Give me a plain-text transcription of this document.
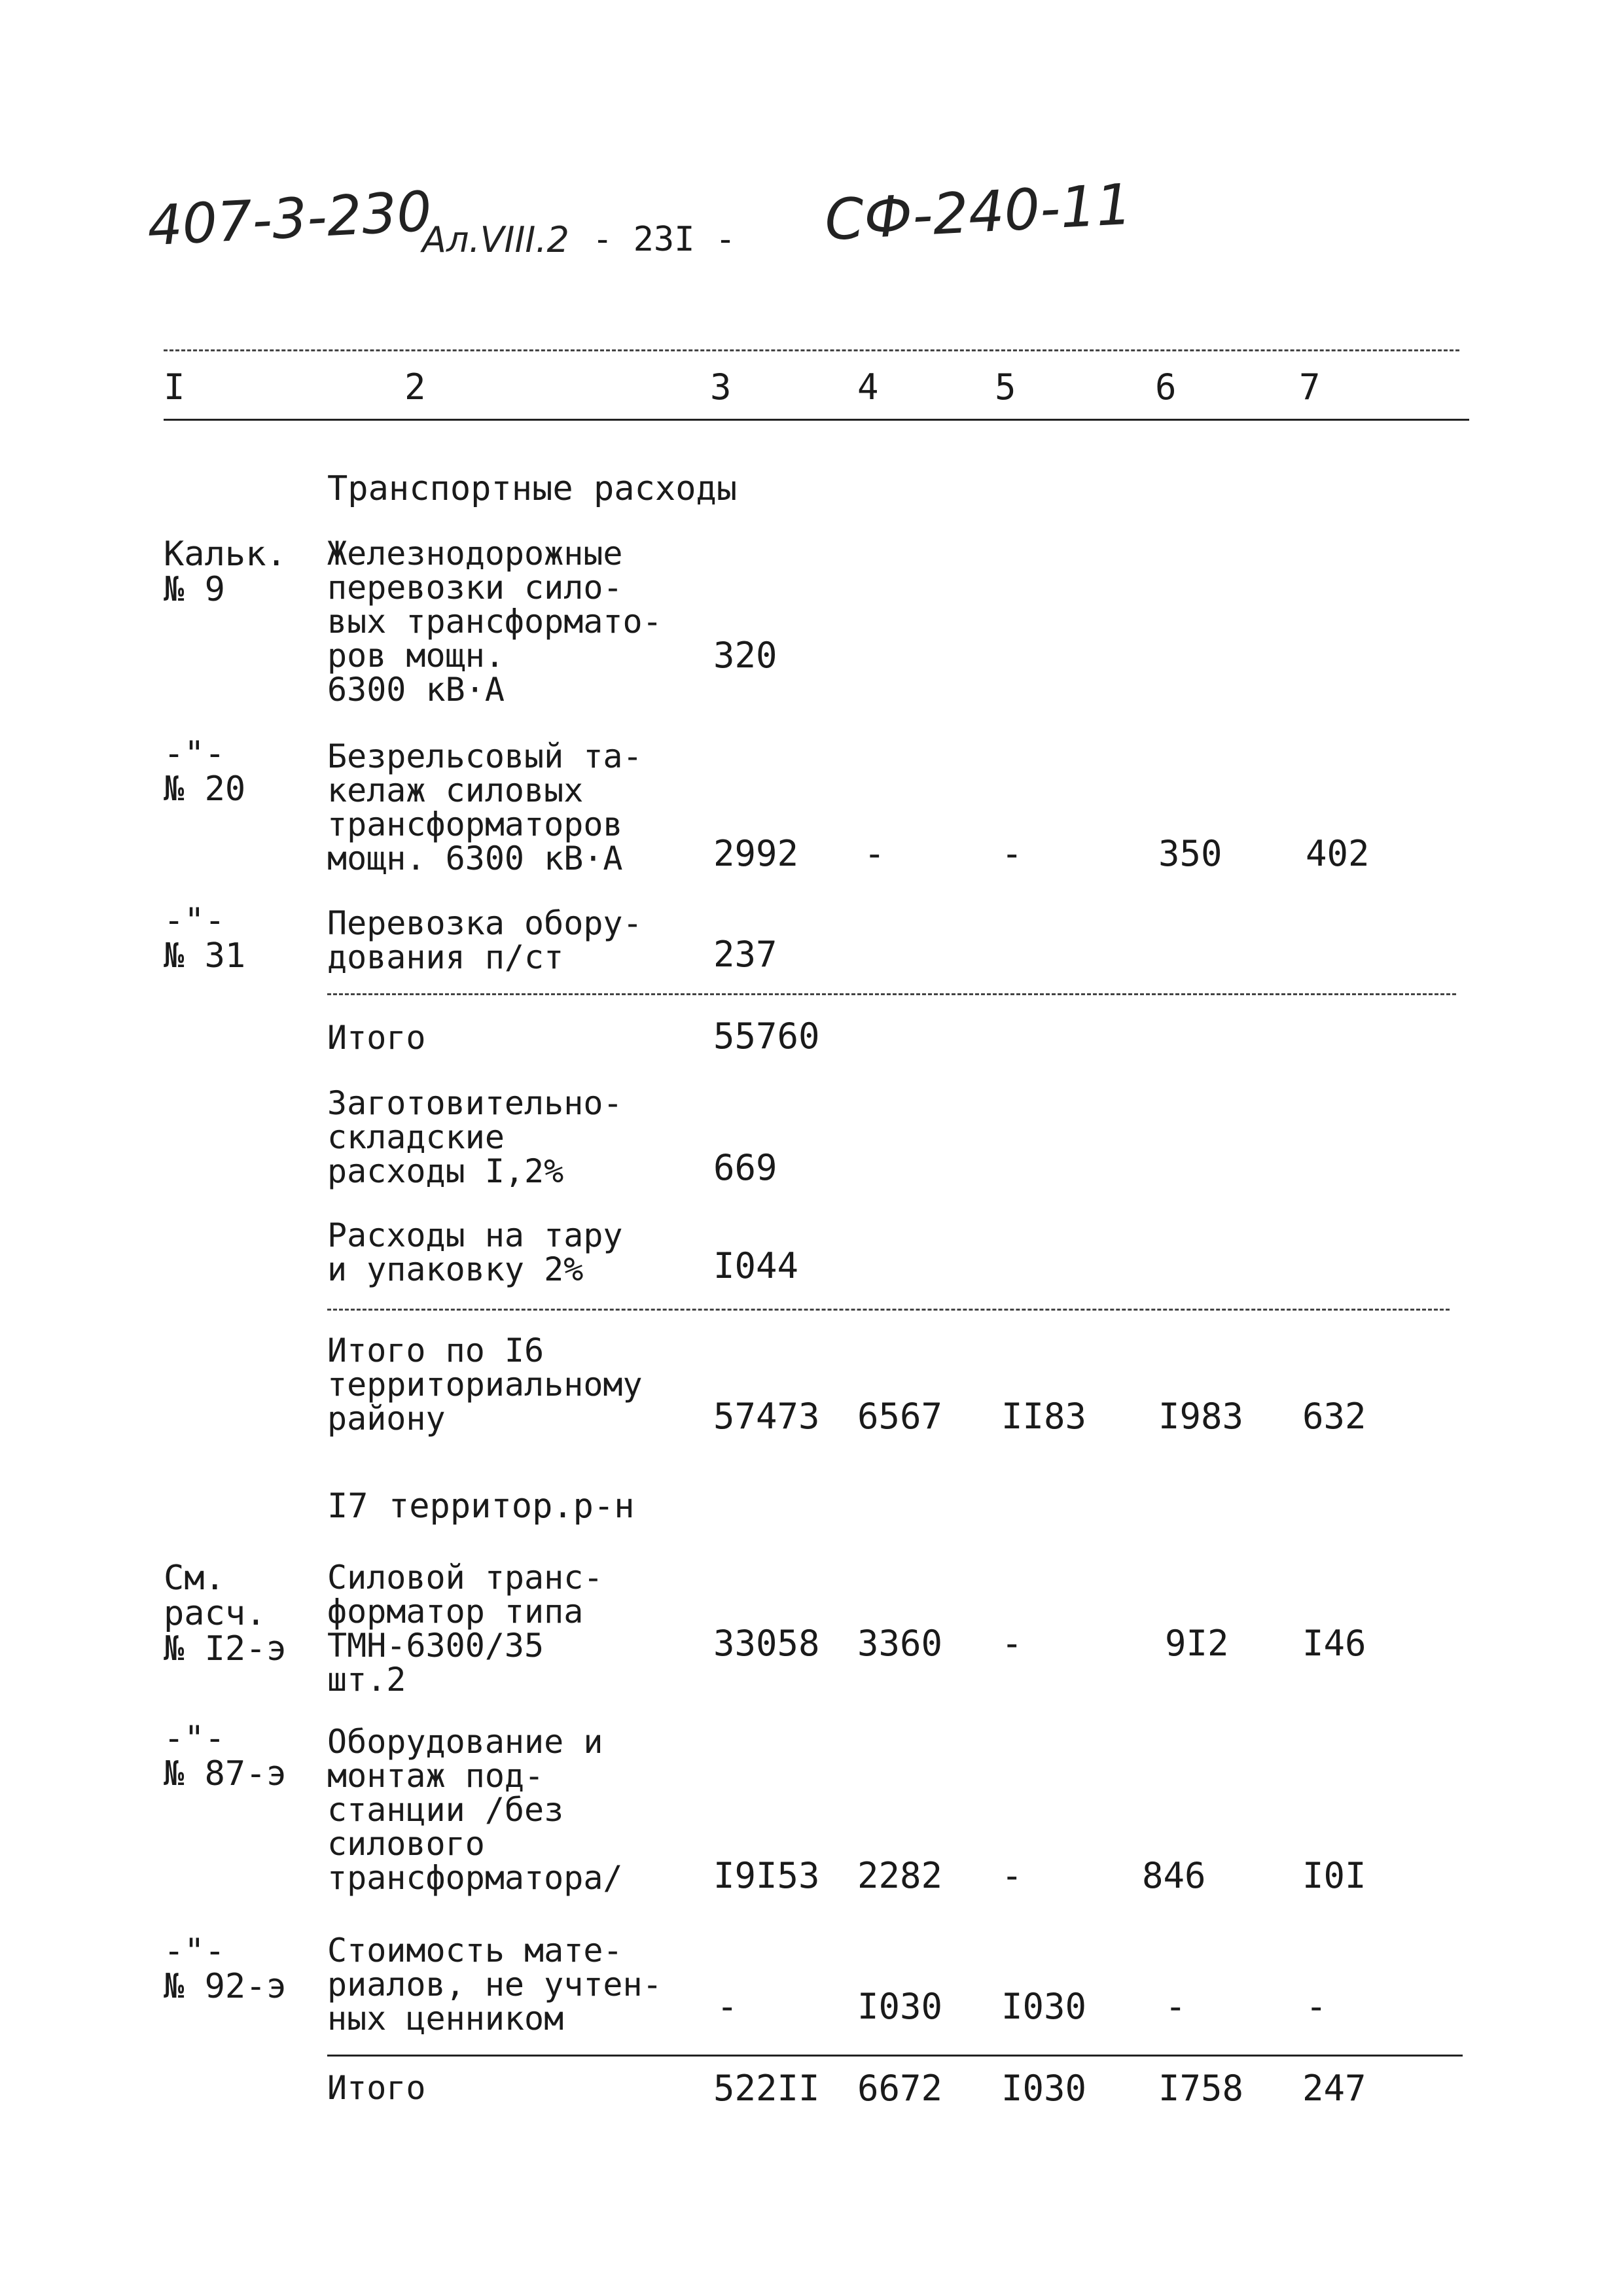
407-3-230
Ал.VIII.2 - 23I - СФ-240-11
I	2	3	4	5	6	7
Транспортные расходы
Кальк.
№ 9
Железнодорожные
перевозки сило-
вых трансформато-
ров мощн.
6300 кВ·А
320
-"-
№ 20
Безрельсовый та-
келаж силовых
трансформаторов
мощн. 6300 кВ·А	2992 -	-	350 402
-"-
№ 31
Перевозка обору-
дования п/ст	237
Итого	55760
Заготовительно-
складские
расходы I,2%	669
Расходы на тару
и упаковку 2%	I044
Итого по I6
территориальному
району	57473 6567 II83 I983 632
I7 территор.р-н
См.
расч.
№ I2-э
Силовой транс-
форматор типа
ТМН-6300/35
шт.2
33058 3360 -	9I2 I46
-"-
№ 87-э
Оборудование и
монтаж под-
станции /без
силового
трансформатора/	I9I53 2282 -	846	I0I
-"-
№ 92-э
Стоимость мате-
риалов, не учтен-
ных ценником	-	I030 I030 -	-
Итого	522II 6672 I030 I758 247
